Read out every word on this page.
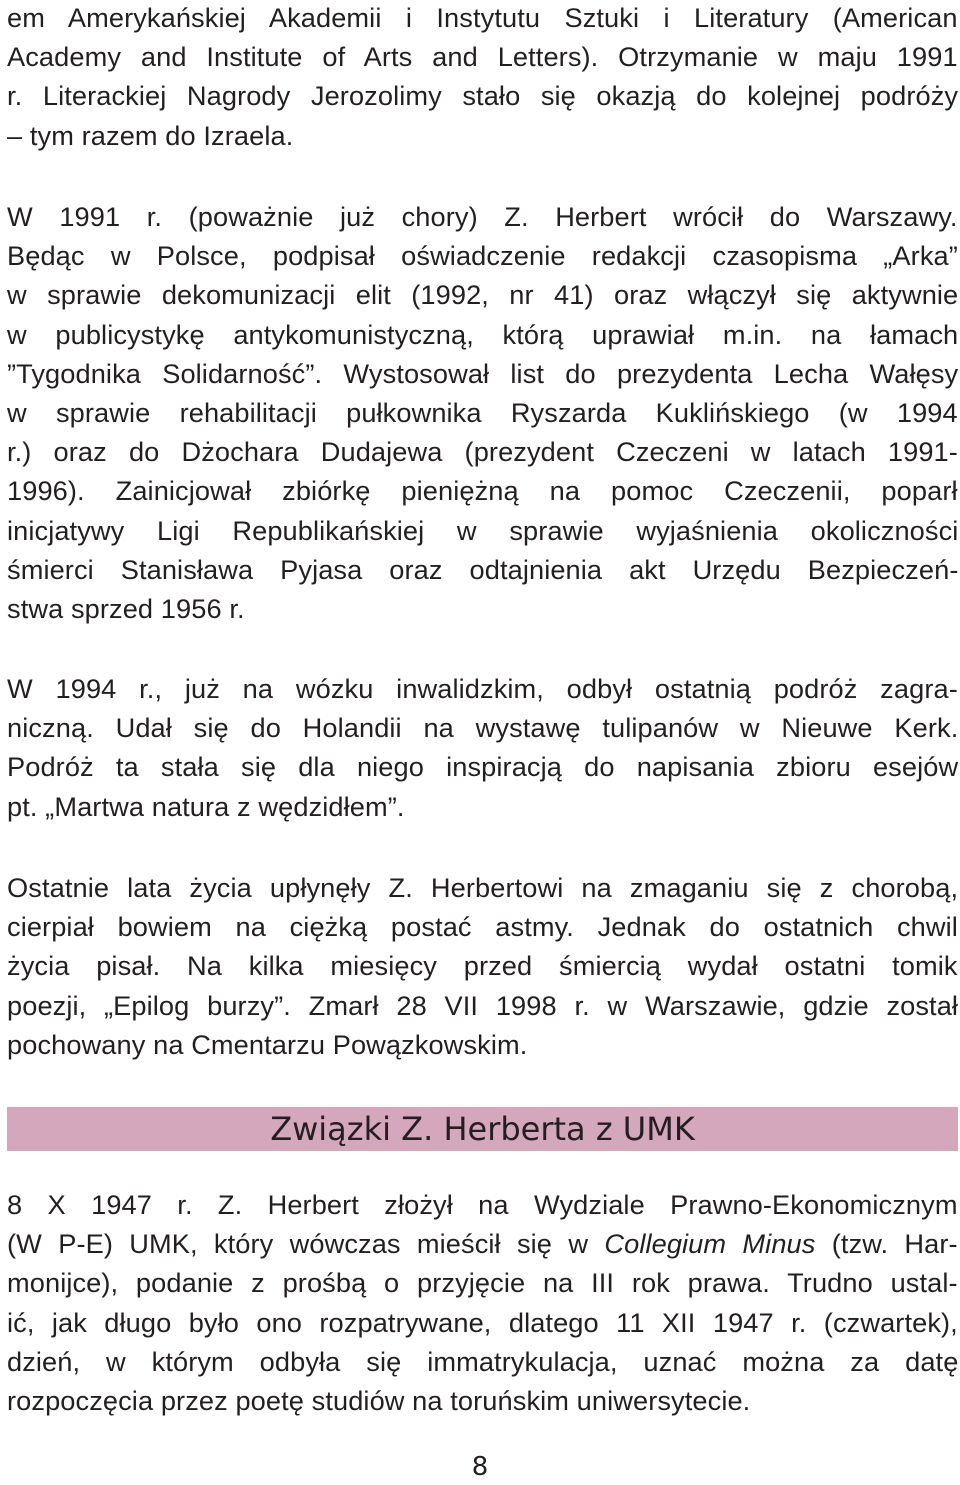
em Amerykańskiej Akademii i Instytutu Sztuki i Literatury (American
Academy and Institute of Arts and Letters). Otrzymanie w maju 1991
r. Literackiej Nagrody Jerozolimy stało się okazją do kolejnej podróży
– tym razem do Izraela.

W 1991 r. (poważnie już chory) Z. Herbert wrócił do Warszawy.
Będąc w Polsce, podpisał oświadczenie redakcji czasopisma „Arka”
w sprawie dekomunizacji elit (1992, nr 41) oraz włączył się aktywnie
w publicystykę antykomunistyczną, którą uprawiał m.in. na łamach
”Tygodnika Solidarność”. Wystosował list do prezydenta Lecha Wałęsy
w sprawie rehabilitacji pułkownika Ryszarda Kuklińskiego (w 1994
r.) oraz do Dżochara Dudajewa (prezydent Czeczeni w latach 1991-
1996). Zainicjował zbiórkę pieniężną na pomoc Czeczenii, poparł
inicjatywy Ligi Republikańskiej w sprawie wyjaśnienia okoliczności
śmierci Stanisława Pyjasa oraz odtajnienia akt Urzędu Bezpieczeń-
stwa sprzed 1956 r.

W 1994 r., już na wózku inwalidzkim, odbył ostatnią podróż zagra-
niczną. Udał się do Holandii na wystawę tulipanów w Nieuwe Kerk.
Podróż ta stała się dla niego inspiracją do napisania zbioru esejów
pt. „Martwa natura z wędzidłem”.

Ostatnie lata życia upłynęły Z. Herbertowi na zmaganiu się z chorobą,
cierpiał bowiem na ciężką postać astmy. Jednak do ostatnich chwil
życia pisał. Na kilka miesięcy przed śmiercią wydał ostatni tomik
poezji, „Epilog burzy”. Zmarł 28 VII 1998 r. w Warszawie, gdzie został
pochowany na Cmentarzu Powązkowskim.

Związki Z. Herberta z UMK

8 X 1947 r. Z. Herbert złożył na Wydziale Prawno-Ekonomicznym
(W P-E) UMK, który wówczas mieścił się w Collegium Minus (tzw. Har-
monijce), podanie z prośbą o przyjęcie na III rok prawa. Trudno ustal-
ić, jak długo było ono rozpatrywane, dlatego 11 XII 1947 r. (czwartek),
dzień, w którym odbyła się immatrykulacja, uznać można za datę
rozpoczęcia przez poetę studiów na toruńskim uniwersytecie.

8
